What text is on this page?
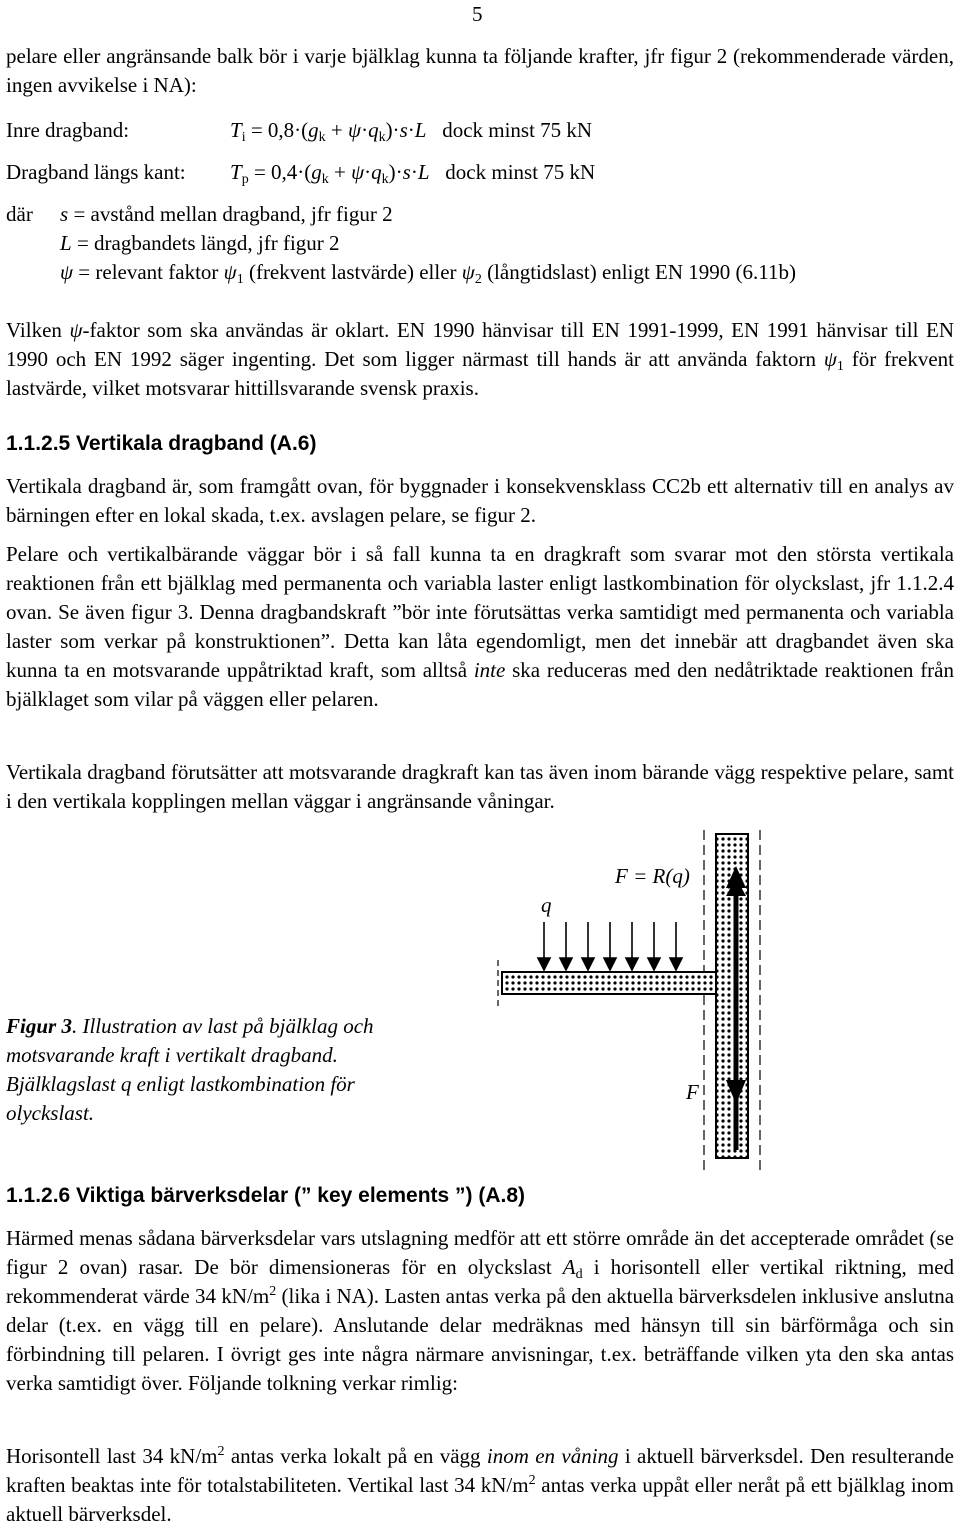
5
pelare eller angränsande balk bör i varje bjälklag kunna ta följande krafter, jfr figur 2 (rekommenderade värden, ingen avvikelse i NA):
Inre dragband:	$T_i = 0,8\cdot(g_k + \psi\cdot q_k)\cdot s\cdot L$ dock minst 75 kN
Dragband längs kant: $T_p = 0,4\cdot(g_k + \psi\cdot q_k)\cdot s\cdot L$ dock minst 75 kN
där s = avstånd mellan dragband, jfr figur 2
L = dragbandets längd, jfr figur 2
ψ = relevant faktor $\psi_1$ (frekvent lastvärde) eller $\psi_2$ (långtidslast) enligt EN 1990 (6.11b)
Vilken ψ-faktor som ska användas är oklart. EN 1990 hänvisar till EN 1991-1999, EN 1991 hänvisar till EN 1990 och EN 1992 säger ingenting. Det som ligger närmast till hands är att använda faktorn $\psi_1$ för frekvent lastvärde, vilket motsvarar hittillsvarande svensk praxis.
1.1.2.5 Vertikala dragband (A.6)
Vertikala dragband är, som framgått ovan, för byggnader i konsekvensklass CC2b ett alternativ till en analys av bärningen efter en lokal skada, t.ex. avslagen pelare, se figur 2.
Pelare och vertikalbärande väggar bör i så fall kunna ta en dragkraft som svarar mot den största vertikala reaktionen från ett bjälklag med permanenta och variabla laster enligt lastkombination för olyckslast, jfr 1.1.2.4 ovan. Se även figur 3. Denna dragbandskraft ”bör inte förutsättas verka samtidigt med permanenta och variabla laster som verkar på konstruktionen”. Detta kan låta egendomligt, men det innebär att dragbandet även ska kunna ta en motsvarande uppåtriktad kraft, som alltså inte ska reduceras med den nedåtriktade reaktionen från bjälklaget som vilar på väggen eller pelaren.
Vertikala dragband förutsätter att motsvarande dragkraft kan tas även inom bärande vägg respektive pelare, samt i den vertikala kopplingen mellan väggar i angränsande våningar.
F = R(q)
q
F
Figur 3. Illustration av last på bjälklag och motsvarande kraft i vertikalt dragband. Bjälklagslast q enligt lastkombination för olyckslast.
1.1.2.6 Viktiga bärverksdelar (” key elements ”) (A.8)
Härmed menas sådana bärverksdelar vars utslagning medför att ett större område än det accepterade området (se figur 2 ovan) rasar. De bör dimensioneras för en olyckslast $A_d$ i horisontell eller vertikal riktning, med rekommenderat värde 34 $kN/m^2$ (lika i NA). Lasten antas verka på den aktuella bärverksdelen inklusive anslutna delar (t.ex. en vägg till en pelare). Anslutande delar medräknas med hänsyn till sin bärförmåga och sin förbindning till pelaren. I övrigt ges inte några närmare anvisningar, t.ex. beträffande vilken yta den ska antas verka samtidigt över. Följande tolkning verkar rimlig:
Horisontell last 34 $kN/m^2$ antas verka lokalt på en vägg inom en våning i aktuell bärverksdel. Den resulterande kraften beaktas inte för totalstabiliteten. Vertikal last 34 $kN/m^2$ antas verka uppåt eller neråt på ett bjälklag inom aktuell bärverksdel.
